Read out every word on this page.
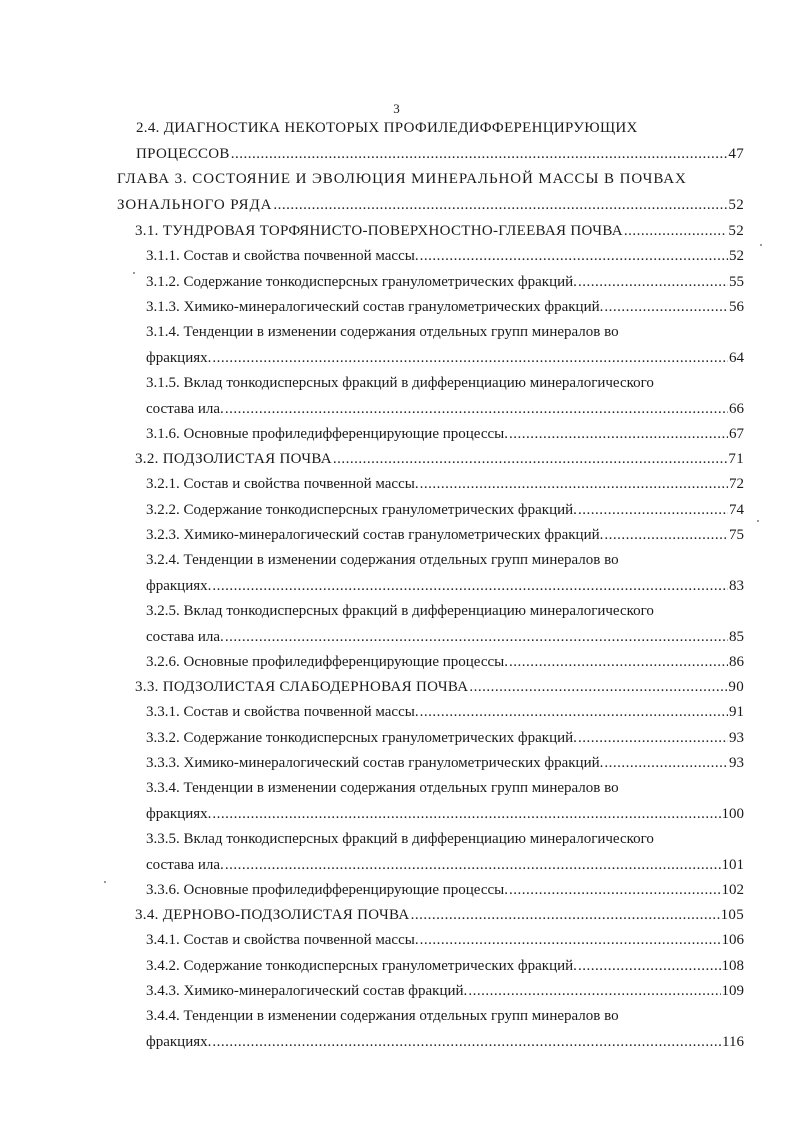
3
2.4. ДИАГНОСТИКА НЕКОТОРЫХ ПРОФИЛЕДИФФЕРЕНЦИРУЮЩИХ
ПРОЦЕССОВ .....	47
ГЛАВА 3. СОСТОЯНИЕ И ЭВОЛЮЦИЯ МИНЕРАЛЬНОЙ МАССЫ В ПОЧВАХ
ЗОНАЛЬНОГО РЯДА .....	52
3.1. ТУНДРОВАЯ ТОРФЯНИСТО-ПОВЕРХНОСТНО-ГЛЕЕВАЯ ПОЧВА .....	52
3.1.1. Состав и свойства почвенной массы. .....	52
3.1.2. Содержание тонкодисперсных гранулометрических фракций. .....	55
3.1.3. Химико-минералогический состав гранулометрических фракций. .....	56
3.1.4. Тенденции в изменении содержания отдельных групп минералов во
фракциях. .....	64
3.1.5. Вклад тонкодисперсных фракций в дифференциацию минералогического
состава ила. .....	66
3.1.6. Основные профиледифференцирующие процессы. .....	67
3.2. ПОДЗОЛИСТАЯ ПОЧВА .....	71
3.2.1. Состав и свойства почвенной массы. .....	72
3.2.2. Содержание тонкодисперсных гранулометрических фракций. .....	74
3.2.3. Химико-минералогический состав гранулометрических фракций. .....	75
3.2.4. Тенденции в изменении содержания отдельных групп минералов во
фракциях. .....	83
3.2.5. Вклад тонкодисперсных фракций в дифференциацию минералогического
состава ила. .....	85
3.2.6. Основные профиледифференцирующие процессы. .....	86
3.3. ПОДЗОЛИСТАЯ СЛАБОДЕРНОВАЯ ПОЧВА .....	90
3.3.1. Состав и свойства почвенной массы. .....	91
3.3.2. Содержание тонкодисперсных гранулометрических фракций. .....	93
3.3.3. Химико-минералогический состав гранулометрических фракций. .....	93
3.3.4. Тенденции в изменении содержания отдельных групп минералов во
фракциях. .....	100
3.3.5. Вклад тонкодисперсных фракций в дифференциацию минералогического
состава ила. .....	101
3.3.6. Основные профиледифференцирующие процессы. .....	102
3.4. ДЕРНОВО-ПОДЗОЛИСТАЯ ПОЧВА .....	105
3.4.1. Состав и свойства почвенной массы. .....	106
3.4.2. Содержание тонкодисперсных гранулометрических фракций. .....	108
3.4.3. Химико-минералогический состав фракций. .....	109
3.4.4. Тенденции в изменении содержания отдельных групп минералов во
фракциях. .....	116
